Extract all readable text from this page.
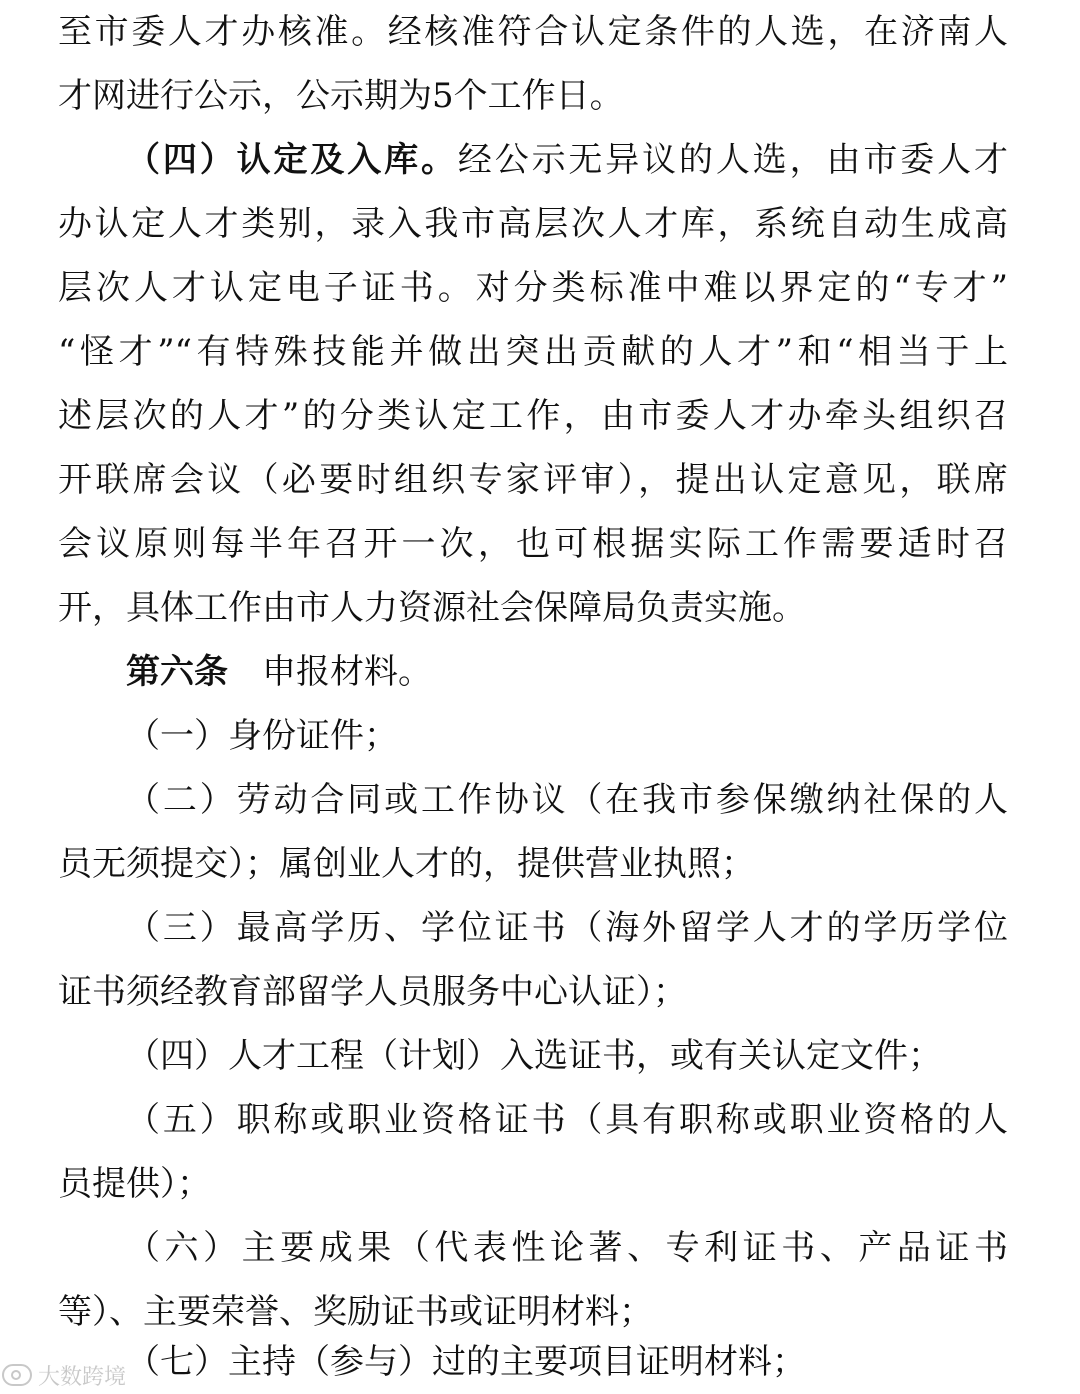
至市委人才办核准。经核准符合认定条件的人选，在济南人
才网进行公示，公示期为5个工作日。
（四）认定及入库。经公示无异议的人选，由市委人才
办认定人才类别，录入我市高层次人才库，系统自动生成高
层次人才认定电子证书。对分类标准中难以界定的“专才”
“怪才”“有特殊技能并做出突出贡献的人才”和“相当于上
述层次的人才”的分类认定工作，由市委人才办牵头组织召
开联席会议（必要时组织专家评审），提出认定意见，联席
会议原则每半年召开一次，也可根据实际工作需要适时召
开，具体工作由市人力资源社会保障局负责实施。
第六条 申报材料。
（一）身份证件；
（二）劳动合同或工作协议（在我市参保缴纳社保的人
员无须提交）；属创业人才的，提供营业执照；
（三）最高学历、学位证书（海外留学人才的学历学位
证书须经教育部留学人员服务中心认证）；
（四）人才工程（计划）入选证书，或有关认定文件；
（五）职称或职业资格证书（具有职称或职业资格的人
员提供）；
（六）主要成果（代表性论著、专利证书、产品证书
等）、主要荣誉、奖励证书或证明材料；
（七）主持（参与）过的主要项目证明材料；
大数跨境
